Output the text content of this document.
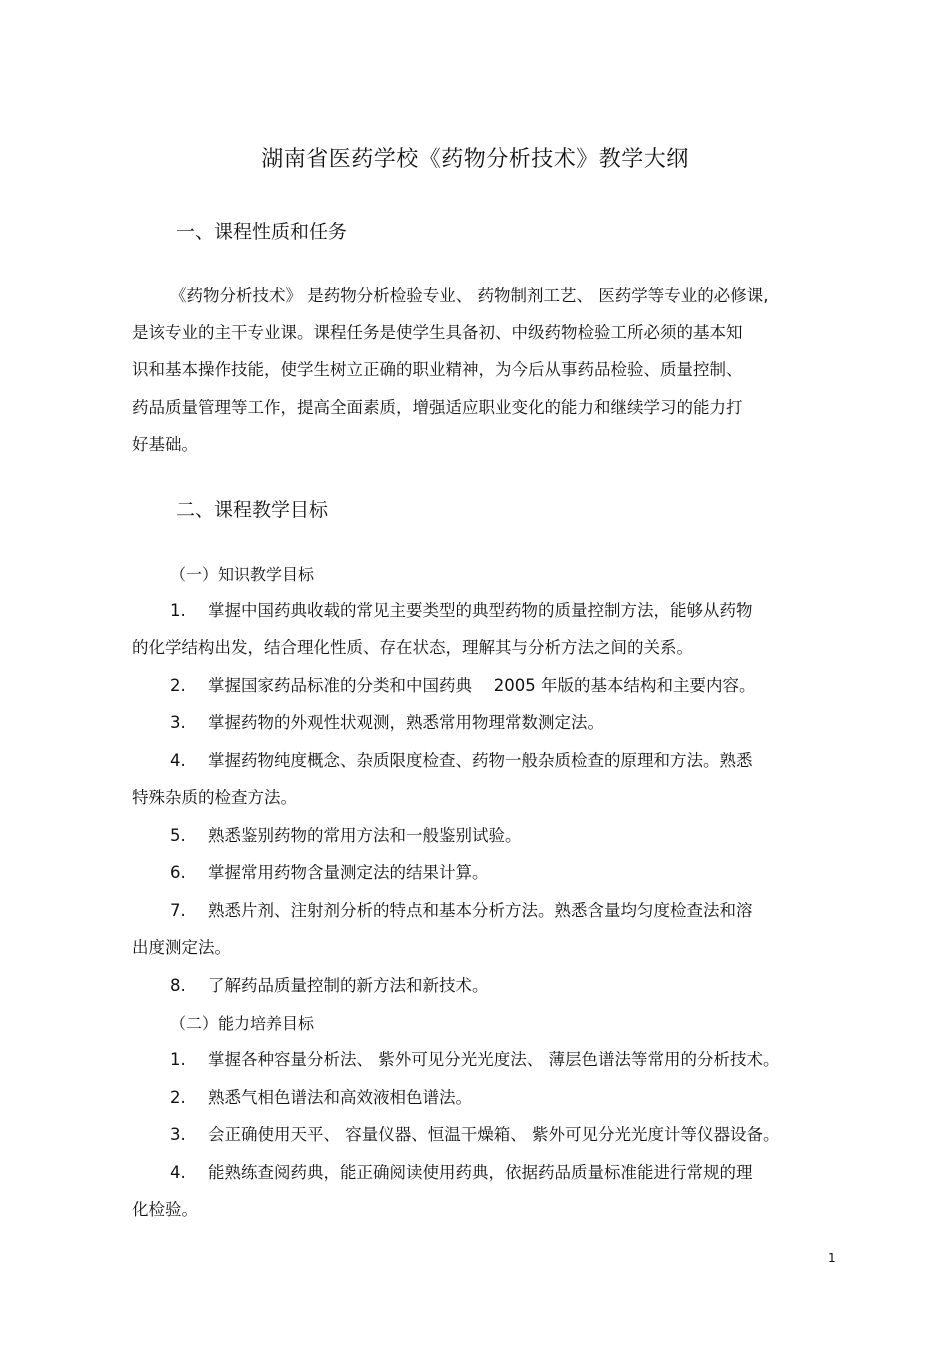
湖南省医药学校《药物分析技术》教学大纲
一、课程性质和任务
《药物分析技术》 是药物分析检验专业、 药物制剂工艺、 医药学等专业的必修课,
是该专业的主干专业课。课程任务是使学生具备初、中级药物检验工所必须的基本知
识和基本操作技能，使学生树立正确的职业精神，为今后从事药品检验、质量控制、
药品质量管理等工作，提高全面素质，增强适应职业变化的能力和继续学习的能力打
好基础。
二、课程教学目标
（一）知识教学目标
1. 掌握中国药典收载的常见主要类型的典型药物的质量控制方法，能够从药物
的化学结构出发，结合理化性质、存在状态，理解其与分析方法之间的关系。
2. 掌握国家药品标准的分类和中国药典　 2005 年版的基本结构和主要内容。
3. 掌握药物的外观性状观测，熟悉常用物理常数测定法。
4. 掌握药物纯度概念、杂质限度检查、药物一般杂质检查的原理和方法。熟悉
特殊杂质的检查方法。
5. 熟悉鉴别药物的常用方法和一般鉴别试验。
6. 掌握常用药物含量测定法的结果计算。
7. 熟悉片剂、注射剂分析的特点和基本分析方法。熟悉含量均匀度检查法和溶
出度测定法。
8. 了解药品质量控制的新方法和新技术。
（二）能力培养目标
1. 掌握各种容量分析法、 紫外可见分光光度法、 薄层色谱法等常用的分析技术。
2. 熟悉气相色谱法和高效液相色谱法。
3. 会正确使用天平、 容量仪器、恒温干燥箱、 紫外可见分光光度计等仪器设备。
4. 能熟练查阅药典，能正确阅读使用药典，依据药品质量标准能进行常规的理
化检验。
1
